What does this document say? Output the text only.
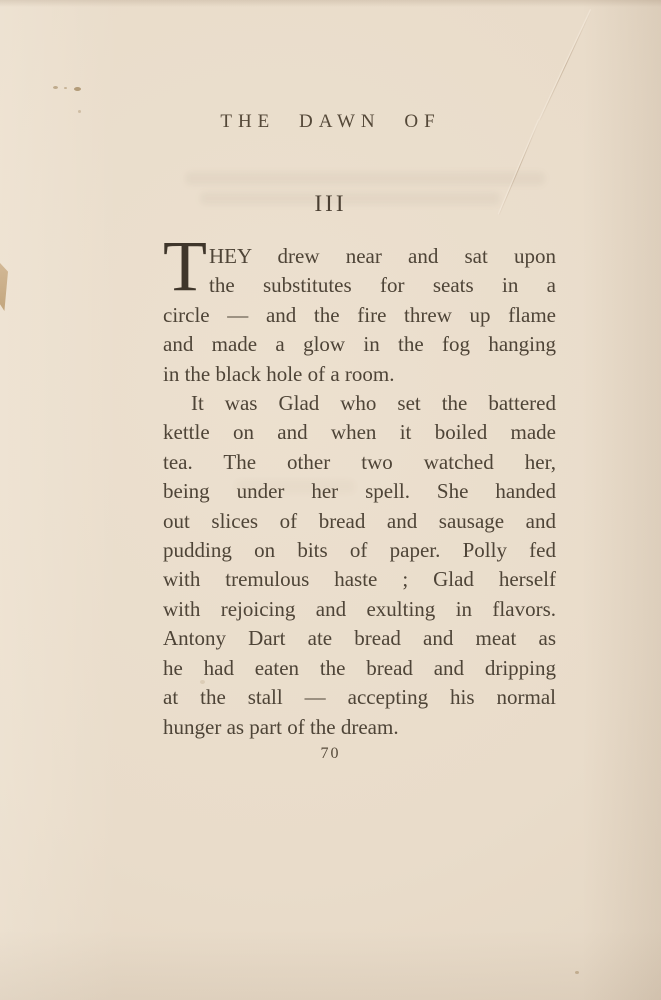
THE DAWN OF
III
T HEY drew near and sat upon
the substitutes for seats in a
circle — and the fire threw up flame
and made a glow in the fog hanging
in the black hole of a room.
It was Glad who set the battered
kettle on and when it boiled made
tea. The other two watched her,
being under her spell. She handed
out slices of bread and sausage and
pudding on bits of paper. Polly fed
with tremulous haste ; Glad herself
with rejoicing and exulting in flavors.
Antony Dart ate bread and meat as
he had eaten the bread and dripping
at the stall — accepting his normal
hunger as part of the dream.
70
